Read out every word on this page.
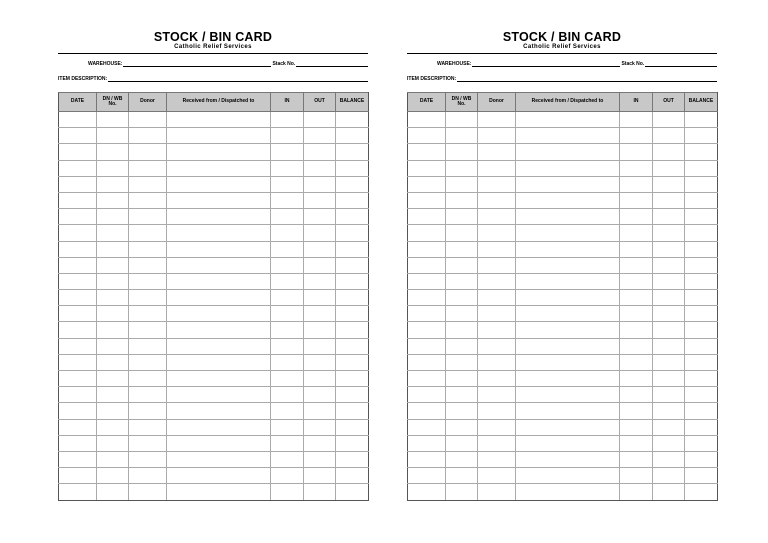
STOCK / BIN CARD
Catholic Relief Services
WAREHOUSE:	Stack No.
ITEM DESCRIPTION:
DATE	DN / WB No.	Donor	Received from / Dispatched to	IN	OUT	BALANCE

STOCK / BIN CARD
Catholic Relief Services
WAREHOUSE:	Stack No.
ITEM DESCRIPTION:
DATE	DN / WB No.	Donor	Received from / Dispatched to	IN	OUT	BALANCE
